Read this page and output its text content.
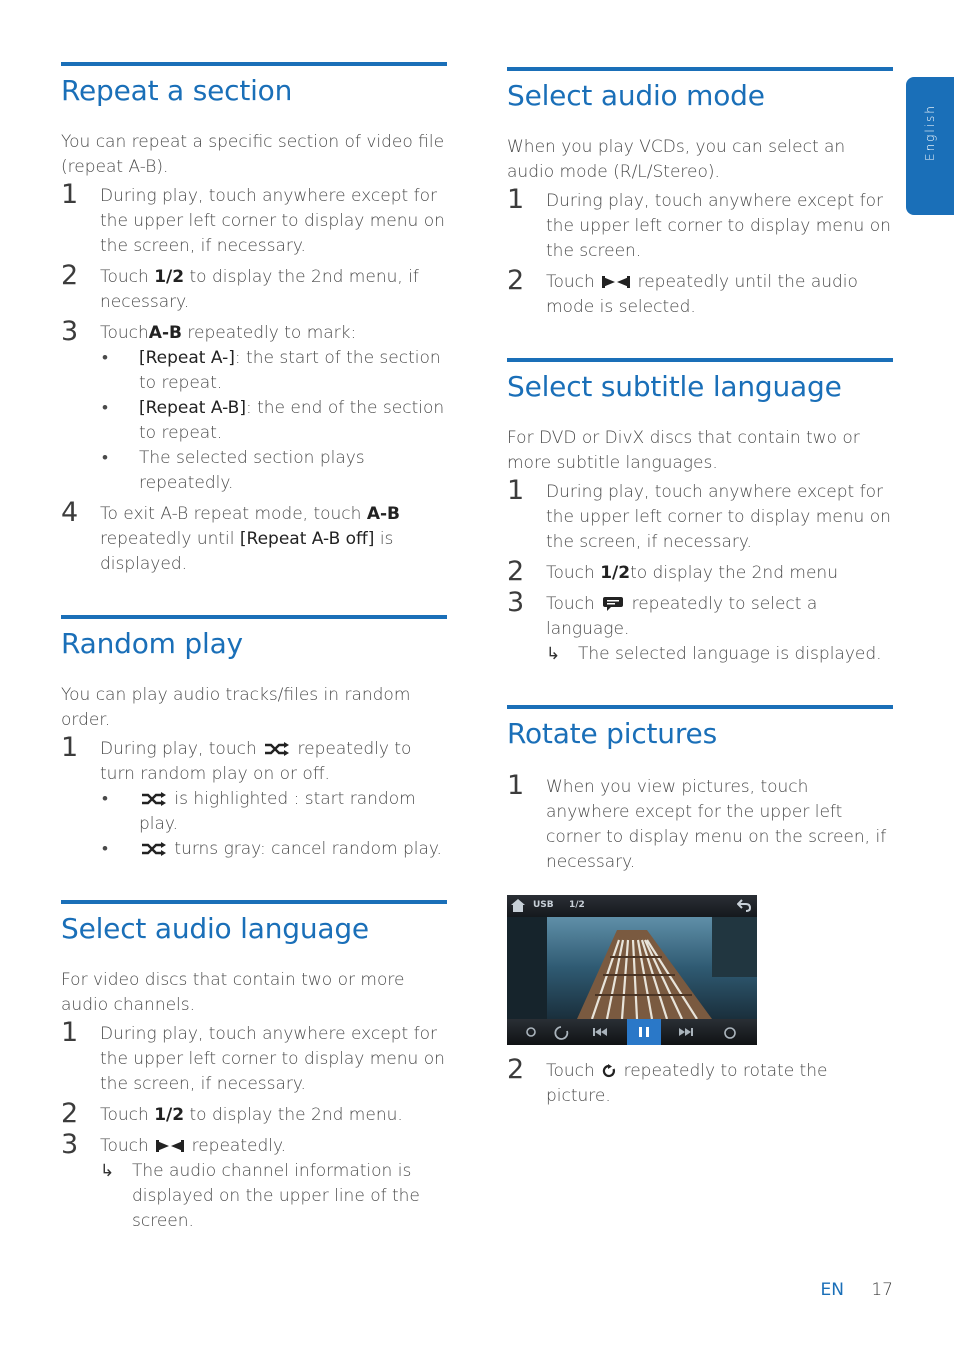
English
Repeat a section

You can repeat a specific section of video file (repeat A-B).

1 During play, touch anywhere except for the upper left corner to display menu on the screen, if necessary.
2 Touch 1/2 to display the 2nd menu, if necessary.
3 TouchA-B repeatedly to mark:
• [Repeat A-]: the start of the section to repeat.
• [Repeat A-B]: the end of the section to repeat.
• The selected section plays repeatedly.
4 To exit A-B repeat mode, touch A-B repeatedly until [Repeat A-B off] is displayed.
Random play

You can play audio tracks/files in random order.

1 During play, touch repeatedly to turn random play on or off.
•	is highlighted : start random play.
•	turns gray: cancel random play.
Select audio language

For video discs that contain two or more audio channels.

1 During play, touch anywhere except for the upper left corner to display menu on the screen, if necessary.
2 Touch 1/2 to display the 2nd menu.
3 Touch	repeatedly.
↳ The audio channel information is displayed on the upper line of the screen.
Select audio mode

When you play VCDs, you can select an audio mode (R/L/Stereo).

1 During play, touch anywhere except for the upper left corner to display menu on the screen.
2 Touch	repeatedly until the audio mode is selected.
Select subtitle language

For DVD or DivX discs that contain two or more subtitle languages.

1 During play, touch anywhere except for the upper left corner to display menu on the screen, if necessary.
2 Touch 1/2to display the 2nd menu
3 Touch repeatedly to select a language.
↳ The selected language is displayed.
Rotate pictures
1 When you view pictures, touch anywhere except for the upper left corner to display menu on the screen, if necessary.
USB 1/2
2 Touch repeatedly to rotate the picture.
EN 17
